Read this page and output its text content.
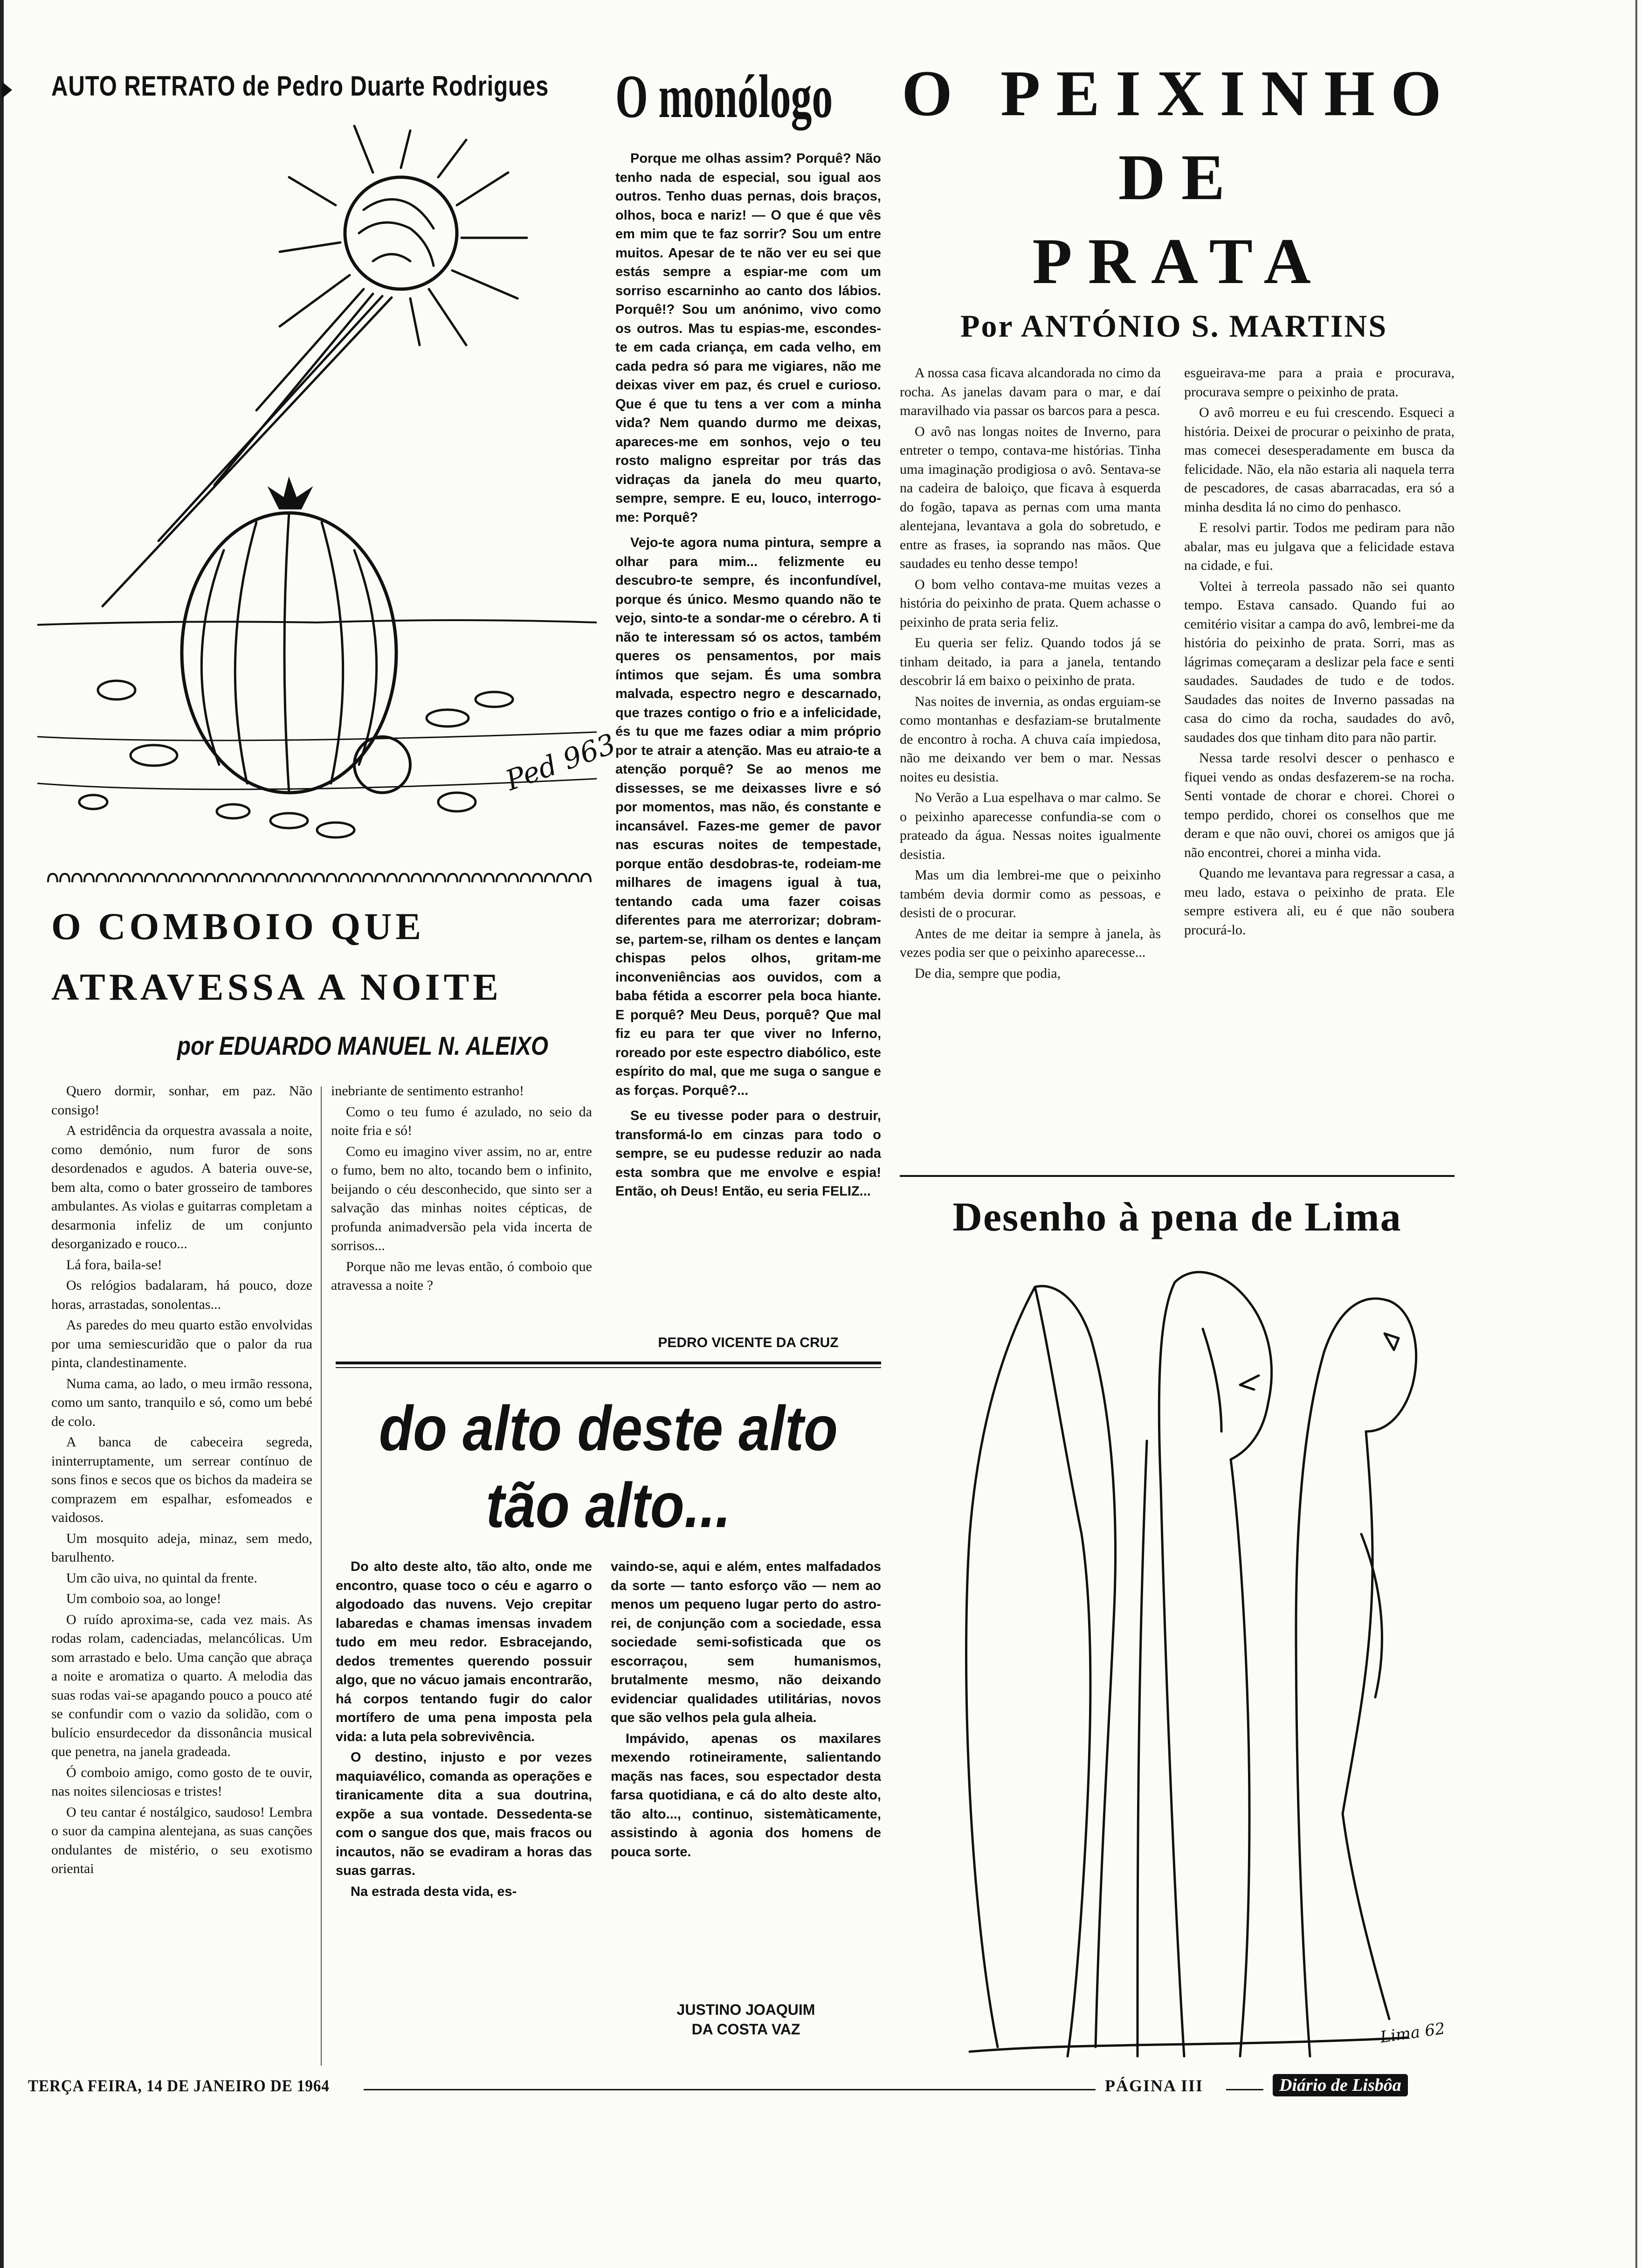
AUTO RETRATO de Pedro Duarte Rodrigues
Ped 963
O COMBOIO QUE
ATRAVESSA A NOITE
por EDUARDO MANUEL N. ALEIXO

Quero dormir, sonhar, em paz. Não consigo!

A estridência da orquestra avassala a noite, como demónio, num furor de sons desordenados e agudos. A bateria ouve-se, bem alta, como o bater grosseiro de tambores ambulantes. As violas e guitarras completam a desarmonia infeliz de um conjunto desorganizado e rouco...

Lá fora, baila-se!

Os relógios badalaram, há pouco, doze horas, arrastadas, sonolentas...

As paredes do meu quarto estão envolvidas por uma semiescuridão que o palor da rua pinta, clandestinamente.

Numa cama, ao lado, o meu irmão ressona, como um santo, tranquilo e só, como um bebé de colo.

A banca de cabeceira segreda, ininterruptamente, um serrear contínuo de sons finos e secos que os bichos da madeira se comprazem em espalhar, esfomeados e vaidosos.

Um mosquito adeja, minaz, sem medo, barulhento.

Um cão uiva, no quintal da frente.

Um comboio soa, ao longe!

O ruído aproxima-se, cada vez mais. As rodas rolam, cadenciadas, melancólicas. Um som arrastado e belo. Uma canção que abraça a noite e aromatiza o quarto. A melodia das suas rodas vai-se apagando pouco a pouco até se confundir com o vazio da solidão, com o bulício ensurdecedor da dissonância musical que penetra, na janela gradeada.

Ó comboio amigo, como gosto de te ouvir, nas noites silenciosas e tristes!

O teu cantar é nostálgico, saudoso! Lembra o suor da campina alentejana, as suas canções ondulantes de mistério, o seu exotismo orientai

inebriante de sentimento estranho!

Como o teu fumo é azulado, no seio da noite fria e só!

Como eu imagino viver assim, no ar, entre o fumo, bem no alto, tocando bem o infinito, beijando o céu desconhecido, que sinto ser a salvação das minhas noites cépticas, de profunda animadversão pela vida incerta de sorrisos...

Porque não me levas então, ó comboio que atravessa a noite ?

O monólogo

Porque me olhas assim? Porquê? Não tenho nada de especial, sou igual aos outros. Tenho duas pernas, dois braços, olhos, boca e nariz! — O que é que vês em mim que te faz sorrir? Sou um entre muitos. Apesar de te não ver eu sei que estás sempre a espiar-me com um sorriso escarninho ao canto dos lábios. Porquê!? Sou um anónimo, vivo como os outros. Mas tu espias-me, escondes-te em cada criança, em cada velho, em cada pedra só para me vigiares, não me deixas viver em paz, és cruel e curioso. Que é que tu tens a ver com a minha vida? Nem quando durmo me deixas, apareces-me em sonhos, vejo o teu rosto maligno espreitar por trás das vidraças da janela do meu quarto, sempre, sempre. E eu, louco, interrogo-me: Porquê?

Vejo-te agora numa pintura, sempre a olhar para mim... felizmente eu descubro-te sempre, és inconfundível, porque és único. Mesmo quando não te vejo, sinto-te a sondar-me o cérebro. A ti não te interessam só os actos, também queres os pensamentos, por mais íntimos que sejam. És uma sombra malvada, espectro negro e descarnado, que trazes contigo o frio e a infelicidade, és tu que me fazes odiar a mim próprio por te atrair a atenção. Mas eu atraio-te a atenção porquê? Se ao menos me dissesses, se me deixasses livre e só por momentos, mas não, és constante e incansável. Fazes-me gemer de pavor nas escuras noites de tempestade, porque então desdobras-te, rodeiam-me milhares de imagens igual à tua, tentando cada uma fazer coisas diferentes para me aterrorizar; dobram-se, partem-se, rilham os dentes e lançam chispas pelos olhos, gritam-me inconveniências aos ouvidos, com a baba fétida a escorrer pela boca hiante. E porquê? Meu Deus, porquê? Que mal fiz eu para ter que viver no Inferno, roreado por este espectro diabólico, este espírito do mal, que me suga o sangue e as forças. Porquê?...

Se eu tivesse poder para o destruir, transformá-lo em cinzas para todo o sempre, se eu pudesse reduzir ao nada esta sombra que me envolve e espia! Então, oh Deus! Então, eu seria FELIZ...

PEDRO VICENTE DA CRUZ
do alto deste alto
tão alto...

Do alto deste alto, tão alto, onde me encontro, quase toco o céu e agarro o algodoado das nuvens. Vejo crepitar labaredas e chamas imensas invadem tudo em meu redor. Esbracejando, dedos trementes querendo possuir algo, que no vácuo jamais encontrarão, há corpos tentando fugir do calor mortífero de uma pena imposta pela vida: a luta pela sobrevivência.

O destino, injusto e por vezes maquiavélico, comanda as operações e tiranicamente dita a sua doutrina, expõe a sua vontade. Dessedenta-se com o sangue dos que, mais fracos ou incautos, não se evadiram a horas das suas garras.

Na estrada desta vida, es-

vaindo-se, aqui e além, entes malfadados da sorte — tanto esforço vão — nem ao menos um pequeno lugar perto do astro-rei, de conjunção com a sociedade, essa sociedade semi-sofisticada que os escorraçou, sem humanismos, brutalmente mesmo, não deixando evidenciar qualidades utilitárias, novos que são velhos pela gula alheia.

Impávido, apenas os maxilares mexendo rotineiramente, salientando maçãs nas faces, sou espectador desta farsa quotidiana, e cá do alto deste alto, tão alto..., continuo, sistemàticamente, assistindo à agonia dos homens de pouca sorte.

JUSTINO JOAQUIM
DA COSTA VAZ
O PEIXINHO
DE
PRATA
Por ANTÓNIO S. MARTINS

A nossa casa ficava alcandorada no cimo da rocha. As janelas davam para o mar, e daí maravilhado via passar os barcos para a pesca.

O avô nas longas noites de Inverno, para entreter o tempo, contava-me histórias. Tinha uma imaginação prodigiosa o avô. Sentava-se na cadeira de baloiço, que ficava à esquerda do fogão, tapava as pernas com uma manta alentejana, levantava a gola do sobretudo, e entre as frases, ia soprando nas mãos. Que saudades eu tenho desse tempo!

O bom velho contava-me muitas vezes a história do peixinho de prata. Quem achasse o peixinho de prata seria feliz.

Eu queria ser feliz. Quando todos já se tinham deitado, ia para a janela, tentando descobrir lá em baixo o peixinho de prata.

Nas noites de invernia, as ondas erguiam-se como montanhas e desfaziam-se brutalmente de encontro à rocha. A chuva caía impiedosa, não me deixando ver bem o mar. Nessas noites eu desistia.

No Verão a Lua espelhava o mar calmo. Se o peixinho aparecesse confundia-se com o prateado da água. Nessas noites igualmente desistia.

Mas um dia lembrei-me que o peixinho também devia dormir como as pessoas, e desisti de o procurar.

Antes de me deitar ia sempre à janela, às vezes podia ser que o peixinho aparecesse...

De dia, sempre que podia,

esgueirava-me para a praia e procurava, procurava sempre o peixinho de prata.

O avô morreu e eu fui crescendo. Esqueci a história. Deixei de procurar o peixinho de prata, mas comecei desesperadamente em busca da felicidade. Não, ela não estaria ali naquela terra de pescadores, de casas abarracadas, era só a minha desdita lá no cimo do penhasco.

E resolvi partir. Todos me pediram para não abalar, mas eu julgava que a felicidade estava na cidade, e fui.

Voltei à terreola passado não sei quanto tempo. Estava cansado. Quando fui ao cemitério visitar a campa do avô, lembrei-me da história do peixinho de prata. Sorri, mas as lágrimas começaram a deslizar pela face e senti saudades. Saudades de tudo e de todos. Saudades das noites de Inverno passadas na casa do cimo da rocha, saudades do avô, saudades dos que tinham dito para não partir.

Nessa tarde resolvi descer o penhasco e fiquei vendo as ondas desfazerem-se na rocha. Senti vontade de chorar e chorei. Chorei o tempo perdido, chorei os conselhos que me deram e que não ouvi, chorei os amigos que já não encontrei, chorei a minha vida.

Quando me levantava para regressar a casa, a meu lado, estava o peixinho de prata. Ele sempre estivera ali, eu é que não soubera procurá-lo.

Desenho à pena de Lima
Lima 62
TERÇA FEIRA, 14 DE JANEIRO DE 1964	PÁGINA III	Diário de Lisbôa
